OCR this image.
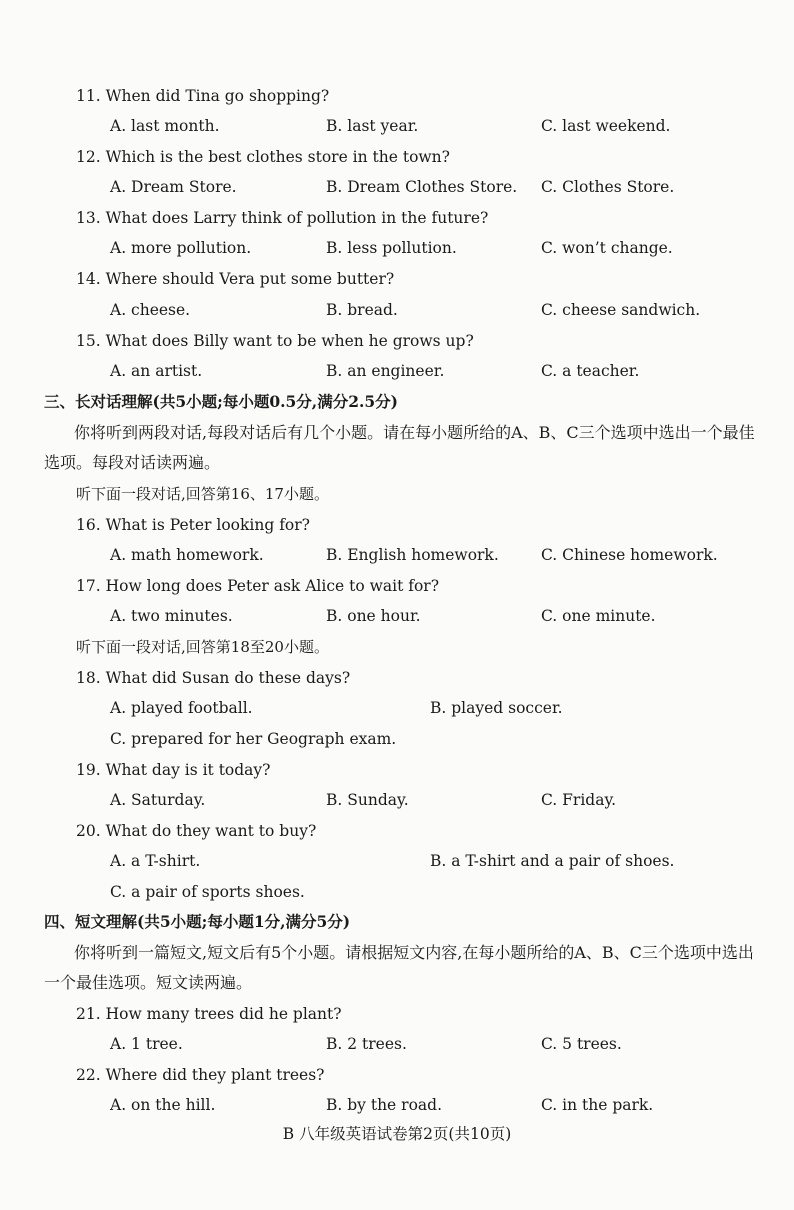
11. When did Tina go shopping?
A. last month.	B. last year.	C. last weekend.
12. Which is the best clothes store in the town?
A. Dream Store.	B. Dream Clothes Store. C. Clothes Store.
13. What does Larry think of pollution in the future?
A. more pollution.	B. less pollution.	C. won’t change.
14. Where should Vera put some butter?
A. cheese.	B. bread.	C. cheese sandwich.
15. What does Billy want to be when he grows up?
A. an artist.	B. an engineer.	C. a teacher.
三、长对话理解(共5小题;每小题0.5分,满分2.5分)
你将听到两段对话,每段对话后有几个小题。请在每小题所给的A、B、C三个选项中选出一个最佳选项。每段对话读两遍。
听下面一段对话,回答第16、17小题。
16. What is Peter looking for?
A. math homework.	B. English homework.	C. Chinese homework.
17. How long does Peter ask Alice to wait for?
A. two minutes.	B. one hour.	C. one minute.
听下面一段对话,回答第18至20小题。
18. What did Susan do these days?
A. played football.	B. played soccer.
C. prepared for her Geograph exam.
19. What day is it today?
A. Saturday.	B. Sunday.	C. Friday.
20. What do they want to buy?
A. a T-shirt.	B. a T-shirt and a pair of shoes.
C. a pair of sports shoes.
四、短文理解(共5小题;每小题1分,满分5分)
你将听到一篇短文,短文后有5个小题。请根据短文内容,在每小题所给的A、B、C三个选项中选出一个最佳选项。短文读两遍。
21. How many trees did he plant?
A. 1 tree.	B. 2 trees.	C. 5 trees.
22. Where did they plant trees?
A. on the hill.	B. by the road.	C. in the park.
B 八年级英语试卷第2页(共10页)
